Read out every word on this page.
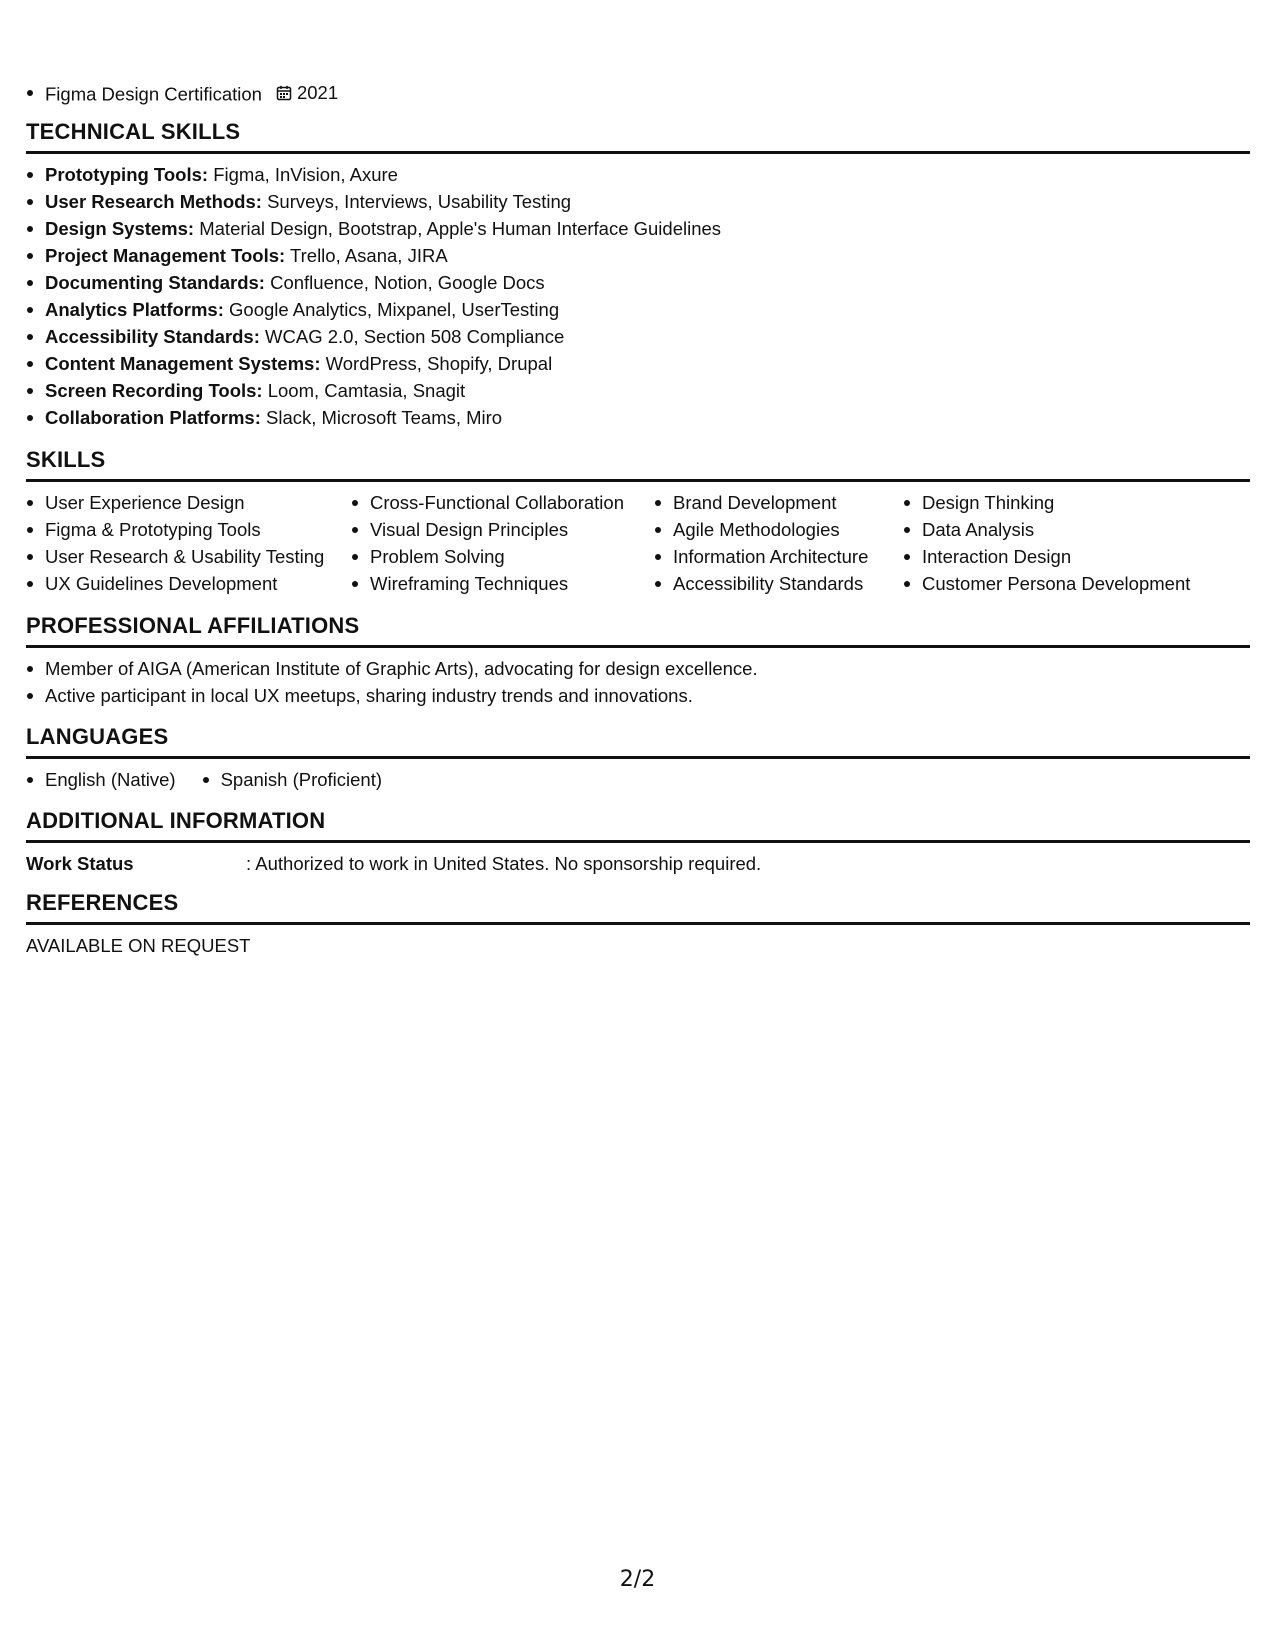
Figma Design Certification 2021
TECHNICAL SKILLS
Prototyping Tools: Figma, InVision, Axure
User Research Methods: Surveys, Interviews, Usability Testing
Design Systems: Material Design, Bootstrap, Apple's Human Interface Guidelines
Project Management Tools: Trello, Asana, JIRA
Documenting Standards: Confluence, Notion, Google Docs
Analytics Platforms: Google Analytics, Mixpanel, UserTesting
Accessibility Standards: WCAG 2.0, Section 508 Compliance
Content Management Systems: WordPress, Shopify, Drupal
Screen Recording Tools: Loom, Camtasia, Snagit
Collaboration Platforms: Slack, Microsoft Teams, Miro
SKILLS
User Experience Design
Figma & Prototyping Tools
User Research & Usability Testing
UX Guidelines Development
Cross-Functional Collaboration
Visual Design Principles
Problem Solving
Wireframing Techniques
Brand Development
Agile Methodologies
Information Architecture
Accessibility Standards
Design Thinking
Data Analysis
Interaction Design
Customer Persona Development
PROFESSIONAL AFFILIATIONS
Member of AIGA (American Institute of Graphic Arts), advocating for design excellence.
Active participant in local UX meetups, sharing industry trends and innovations.
LANGUAGES
English (Native)	Spanish (Proficient)
ADDITIONAL INFORMATION
Work Status	: Authorized to work in United States. No sponsorship required.
REFERENCES
AVAILABLE ON REQUEST
2/2
